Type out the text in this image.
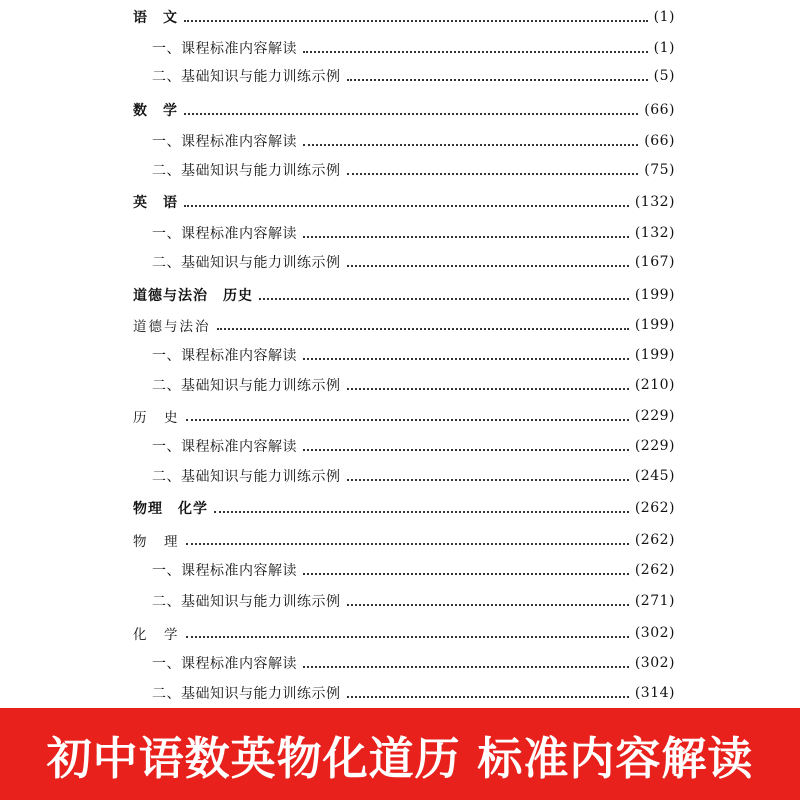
语　文	(1)
一、课程标准内容解读	(1)
二、基础知识与能力训练示例	(5)
数　学	(66)
一、课程标准内容解读	(66)
二、基础知识与能力训练示例	(75)
英　语	(132)
一、课程标准内容解读	(132)
二、基础知识与能力训练示例	(167)
道德与法治　历史	(199)
道德与法治	(199)
一、课程标准内容解读	(199)
二、基础知识与能力训练示例	(210)
历　史	(229)
一、课程标准内容解读	(229)
二、基础知识与能力训练示例	(245)
物理　化学	(262)
物　理	(262)
一、课程标准内容解读	(262)
二、基础知识与能力训练示例	(271)
化　学	(302)
一、课程标准内容解读	(302)
二、基础知识与能力训练示例	(314)
初中语数英物化道历 标准内容解读
